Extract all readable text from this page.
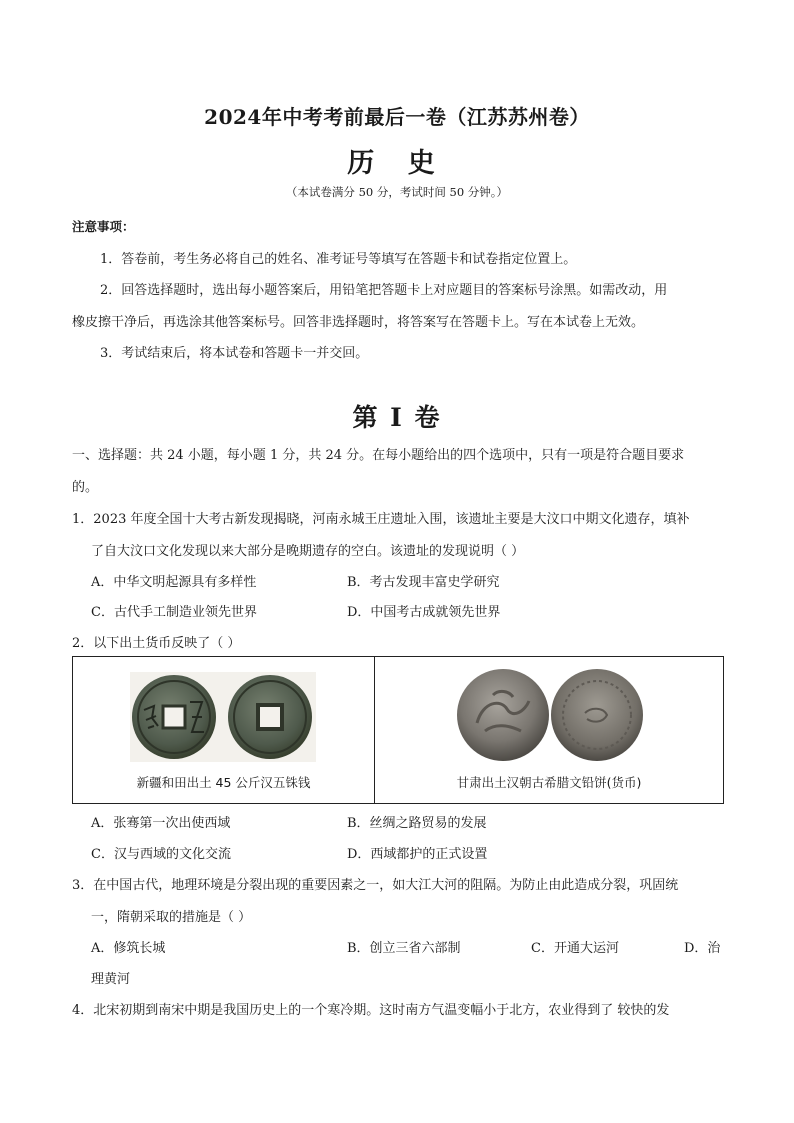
2024年中考考前最后一卷（江苏苏州卷）
历 史
（本试卷满分 50 分，考试时间 50 分钟。）
注意事项：
1．答卷前，考生务必将自己的姓名、准考证号等填写在答题卡和试卷指定位置上。
2．回答选择题时，选出每小题答案后，用铅笔把答题卡上对应题目的答案标号涂黑。如需改动，用
橡皮擦干净后，再选涂其他答案标号。回答非选择题时，将答案写在答题卡上。写在本试卷上无效。
3．考试结束后，将本试卷和答题卡一并交回。
第 I 卷
一、选择题：共 24 小题，每小题 1 分，共 24 分。在每小题给出的四个选项中，只有一项是符合题目要求
的。
1．2023 年度全国十大考古新发现揭晓，河南永城王庄遗址入围，该遗址主要是大汶口中期文化遗存，填补
了自大汶口文化发现以来大部分是晚期遗存的空白。该遗址的发现说明（ ）
A．中华文明起源具有多样性	B．考古发现丰富史学研究
C．古代手工制造业领先世界	D．中国考古成就领先世界
2．以下出土货币反映了（ ）
新疆和田出土 45 公斤汉五铢钱	甘肃出土汉朝古希腊文铅饼(货币)
A．张骞第一次出使西域	B．丝绸之路贸易的发展
C．汉与西域的文化交流	D．西域都护的正式设置
3．在中国古代，地理环境是分裂出现的重要因素之一，如大江大河的阻隔。为防止由此造成分裂，巩固统
一，隋朝采取的措施是（ ）
A．修筑长城	B．创立三省六部制	C．开通大运河	D．治
理黄河
4．北宋初期到南宋中期是我国历史上的一个寒冷期。这时南方气温变幅小于北方，农业得到了 较快的发
